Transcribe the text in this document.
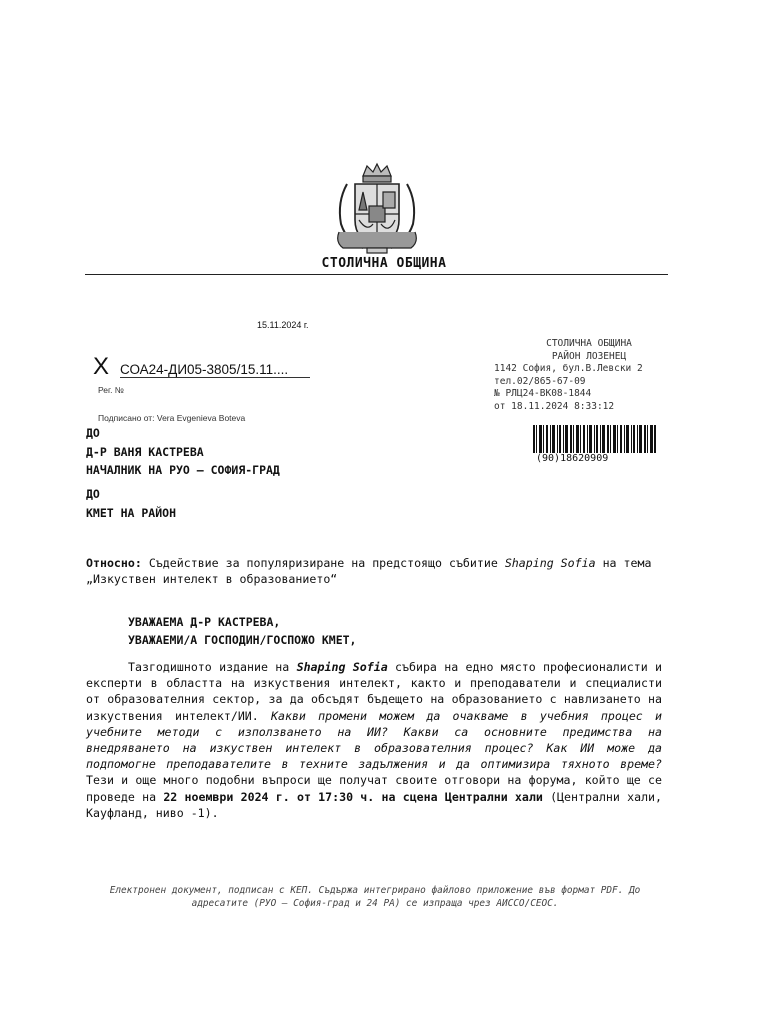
СТОЛИЧНА ОБЩИНА
15.11.2024 г.
X СОА24-ДИ05-3805/15.11....
Рег. №
Подписано от: Vera Evgenieva Boteva
СТОЛИЧНА ОБЩИНА
РАЙОН ЛОЗЕНЕЦ
1142 София, бул.В.Левски 2
тел.02/865-67-09
№ РЛЦ24-ВК08-1844
от 18.11.2024 8:33:12
(90)18620909
ДО
Д-Р ВАНЯ КАСТРЕВА
НАЧАЛНИК НА РУО – СОФИЯ-ГРАД
ДО
КМЕТ НА РАЙОН
Относно: Съдействие за популяризиране на предстоящо събитие Shaping Sofia на тема „Изкуствен интелект в образованието“
УВАЖАЕМА Д-Р КАСТРЕВА,
УВАЖАЕМИ/А ГОСПОДИН/ГОСПОЖО КМЕТ,
Тазгодишното издание на Shaping Sofia събира на едно място професионалисти и експерти в областта на изкуствения интелект, както и преподаватели и специалисти от образователния сектор, за да обсъдят бъдещето на образованието с навлизането на изкуствения интелект/ИИ. Какви промени можем да очакваме в учебния процес и учебните методи с използването на ИИ? Какви са основните предимства на внедряването на изкуствен интелект в образователния процес? Как ИИ може да подпомогне преподавателите в техните задължения и да оптимизира тяхното време? Тези и още много подобни въпроси ще получат своите отговори на форума, който ще се проведе на 22 ноември 2024 г. от 17:30 ч. на сцена Централни хали (Централни хали, Кауфланд, ниво -1).
Електронен документ, подписан с КЕП. Съдържа интегрирано файлово приложение във формат PDF. До адресатите (РУО – София-град и 24 РА) се изпраща чрез АИССО/СЕОС.
